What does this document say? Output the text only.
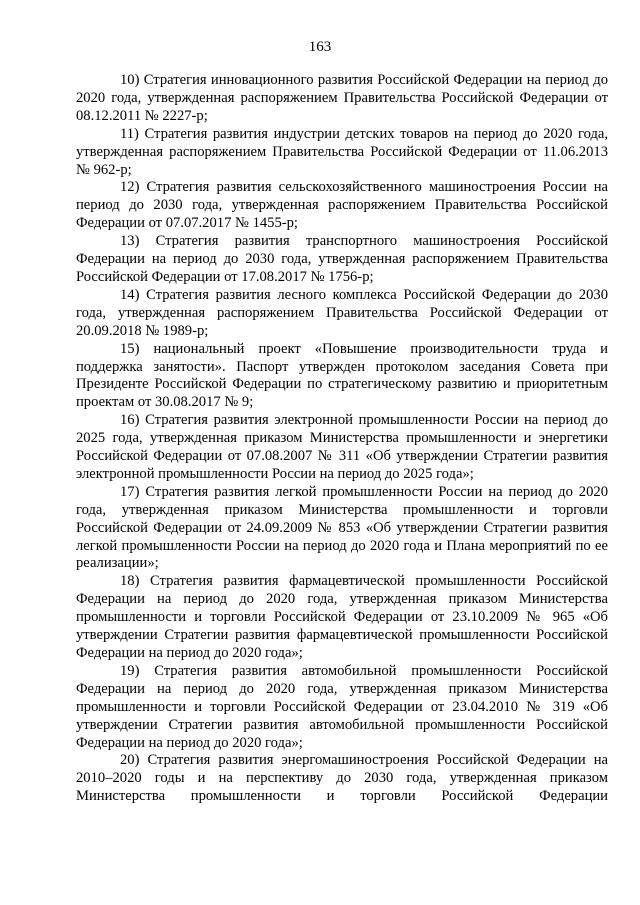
163

10) Стратегия инновационного развития Российской Федерации на период до 2020 года, утвержденная распоряжением Правительства Российской Федерации от 08.12.2011 № 2227-р;

11) Стратегия развития индустрии детских товаров на период до 2020 года, утвержденная распоряжением Правительства Российской Федерации от 11.06.2013 № 962-р;

12) Стратегия развития сельскохозяйственного машиностроения России на период до 2030 года, утвержденная распоряжением Правительства Российской Федерации от 07.07.2017 № 1455-р;

13) Стратегия развития транспортного машиностроения Российской Федерации на период до 2030 года, утвержденная распоряжением Правительства Российской Федерации от 17.08.2017 № 1756-р;

14) Стратегия развития лесного комплекса Российской Федерации до 2030 года, утвержденная распоряжением Правительства Российской Федерации от 20.09.2018 № 1989-р;

15) национальный проект «Повышение производительности труда и поддержка занятости». Паспорт утвержден протоколом заседания Совета при Президенте Российской Федерации по стратегическому развитию и приоритетным проектам от 30.08.2017 № 9;

16) Стратегия развития электронной промышленности России на период до 2025 года, утвержденная приказом Министерства промышленности и энергетики Российской Федерации от 07.08.2007 № 311 «Об утверждении Стратегии развития электронной промышленности России на период до 2025 года»;

17) Стратегия развития легкой промышленности России на период до 2020 года, утвержденная приказом Министерства промышленности и торговли Российской Федерации от 24.09.2009 № 853 «Об утверждении Стратегии развития легкой промышленности России на период до 2020 года и Плана мероприятий по ее реализации»;

18) Стратегия развития фармацевтической промышленности Российской Федерации на период до 2020 года, утвержденная приказом Министерства промышленности и торговли Российской Федерации от 23.10.2009 № 965 «Об утверждении Стратегии развития фармацевтической промышленности Российской Федерации на период до 2020 года»;

19) Стратегия развития автомобильной промышленности Российской Федерации на период до 2020 года, утвержденная приказом Министерства промышленности и торговли Российской Федерации от 23.04.2010 № 319 «Об утверждении Стратегии развития автомобильной промышленности Российской Федерации на период до 2020 года»;

20) Стратегия развития энергомашиностроения Российской Федерации на 2010–2020 годы и на перспективу до 2030 года, утвержденная приказом Министерства промышленности и торговли Российской Федерации
